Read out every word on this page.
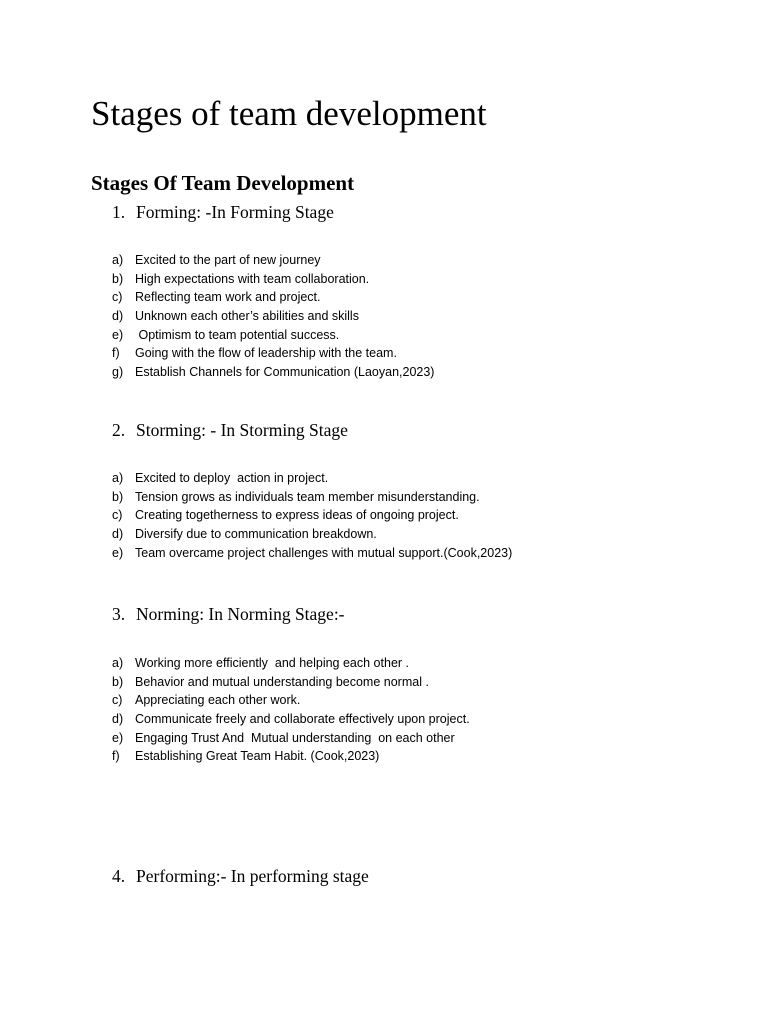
Stages of team development
Stages Of Team Development
1. Forming: -In Forming Stage
a) Excited to the part of new journey
b) High expectations with team collaboration.
c) Reflecting team work and project.
d) Unknown each other’s abilities and skills
e) Optimism to team potential success.
f) Going with the flow of leadership with the team.
g) Establish Channels for Communication (Laoyan,2023)
2. Storming: - In Storming Stage
a) Excited to deploy  action in project.
b) Tension grows as individuals team member misunderstanding.
c) Creating togetherness to express ideas of ongoing project.
d) Diversify due to communication breakdown.
e) Team overcame project challenges with mutual support.(Cook,2023)
3. Norming: In Norming Stage:-
a) Working more efficiently  and helping each other .
b) Behavior and mutual understanding become normal .
c) Appreciating each other work.
d) Communicate freely and collaborate effectively upon project.
e) Engaging Trust And  Mutual understanding  on each other
f) Establishing Great Team Habit. (Cook,2023)
4. Performing:- In performing stage
